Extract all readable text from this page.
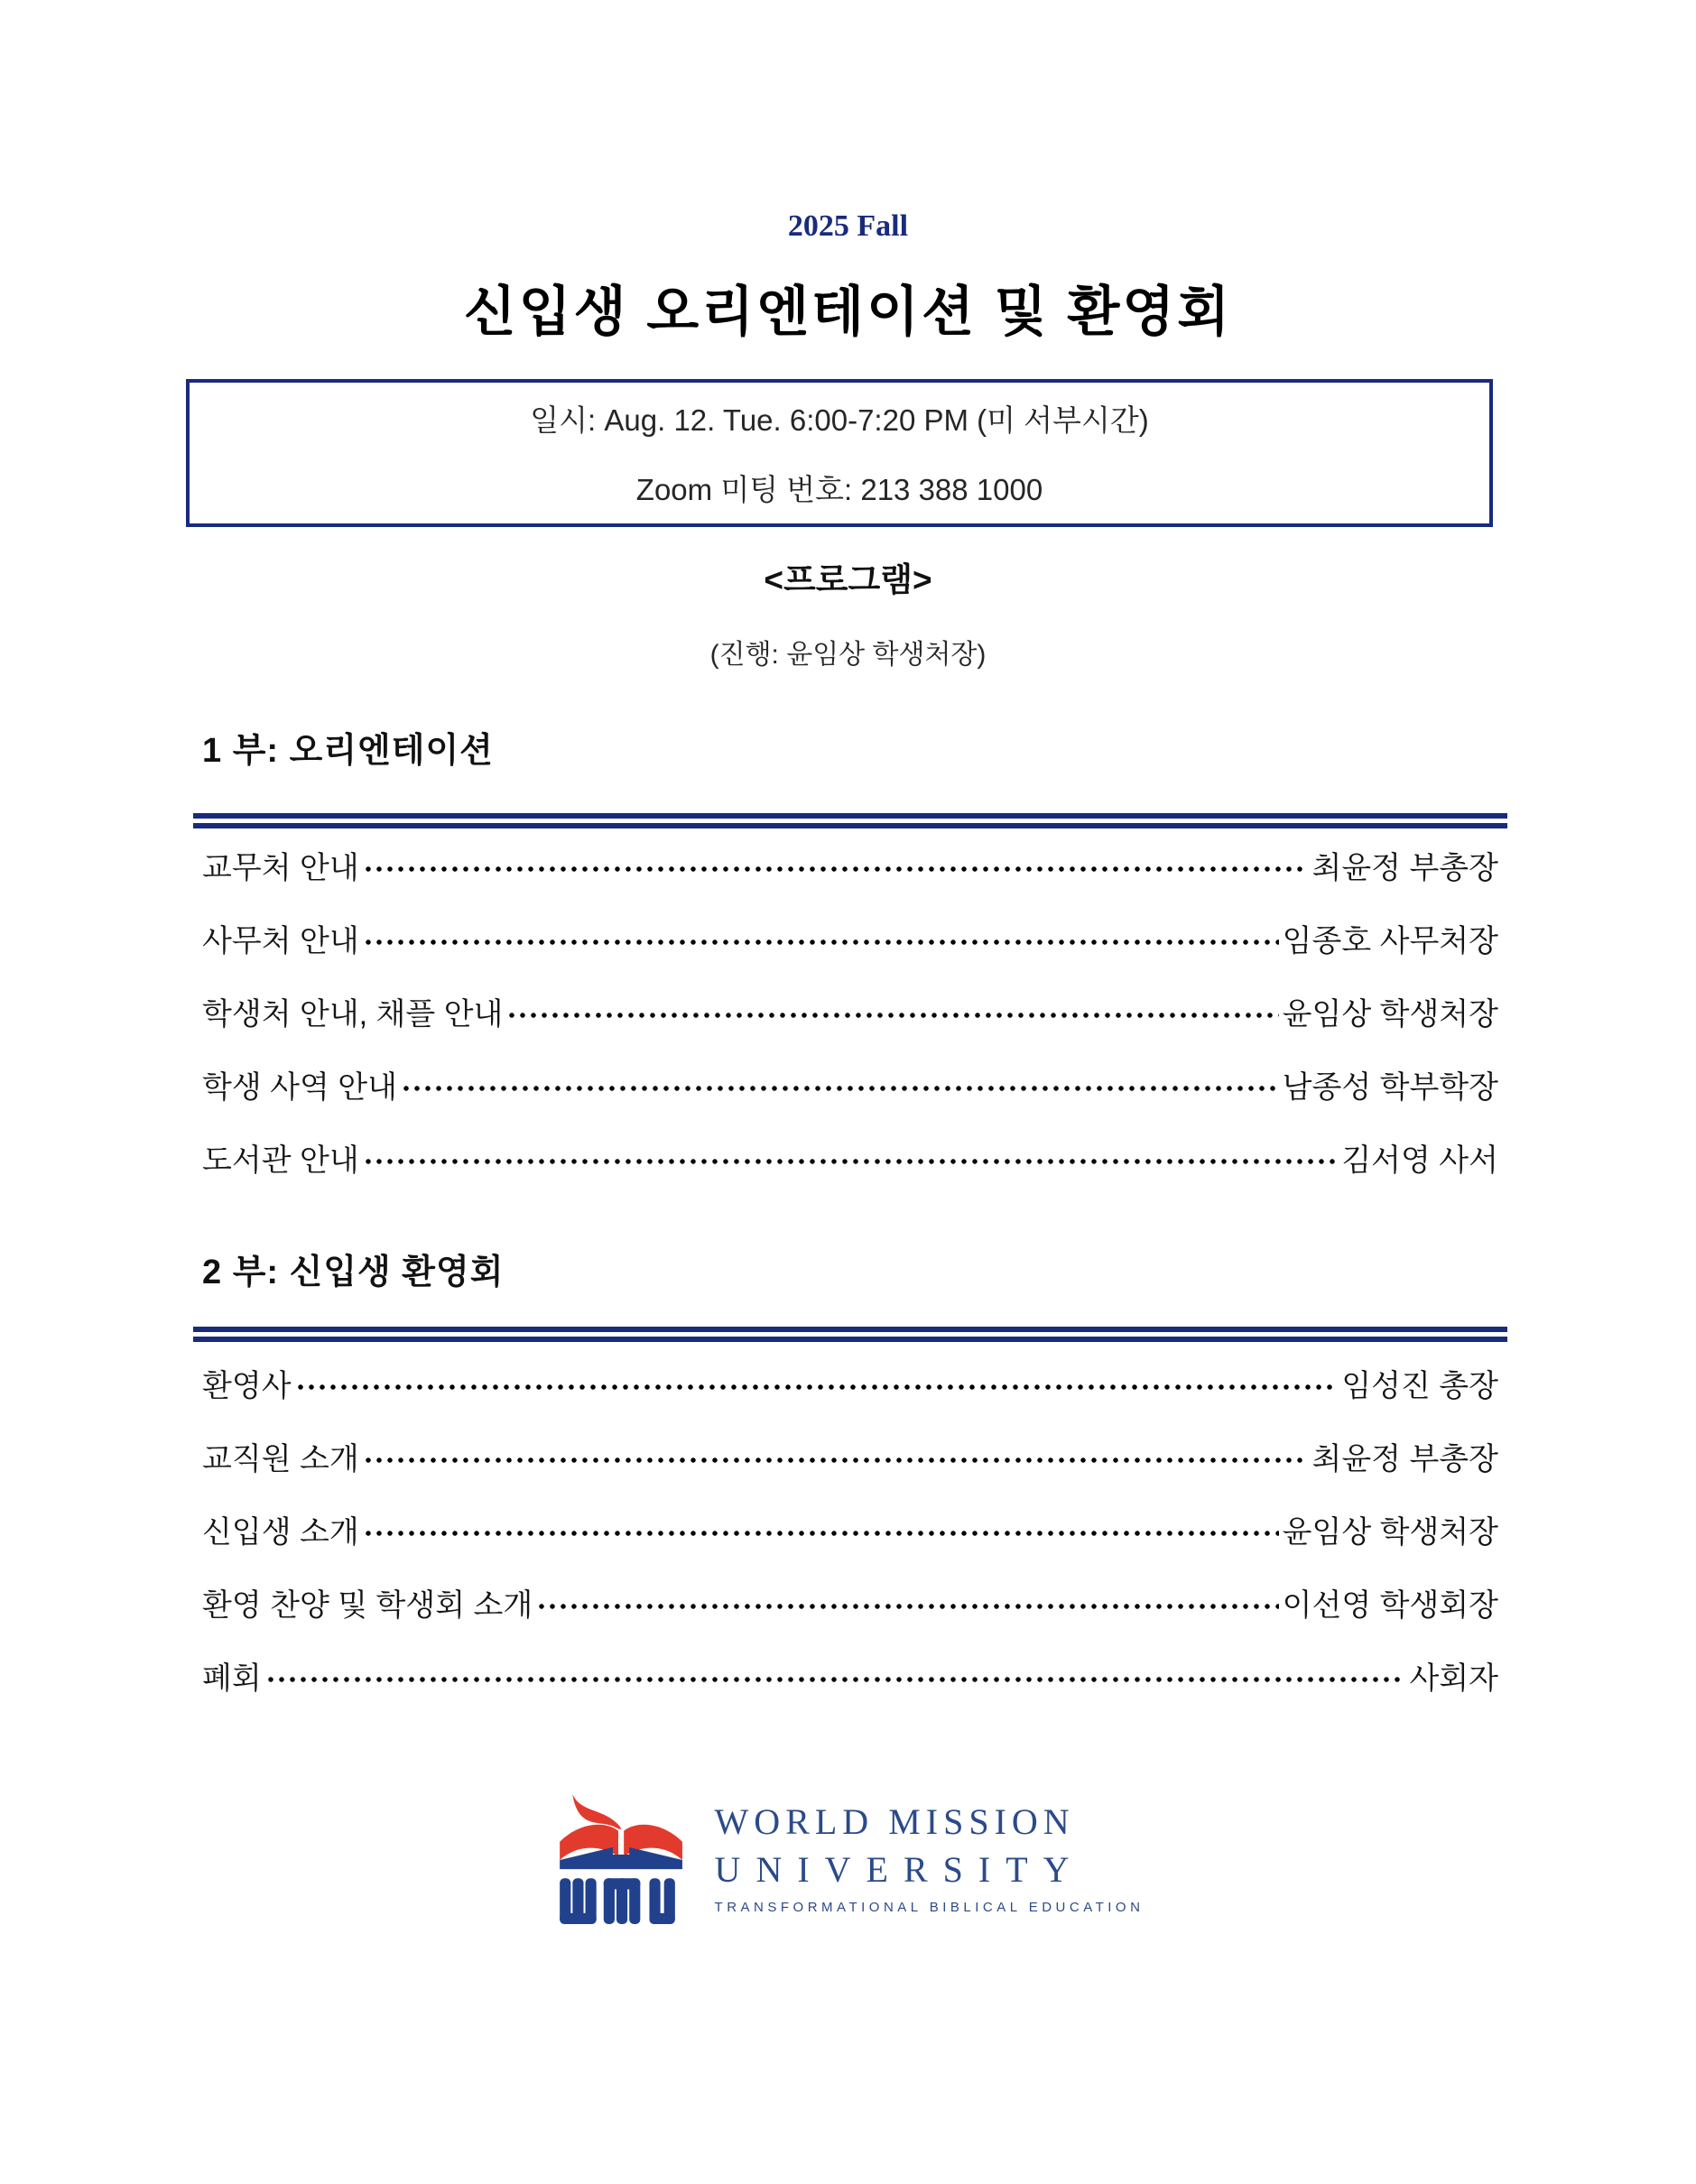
2025 Fall
신입생 오리엔테이션 및 환영회
일시: Aug. 12. Tue. 6:00-7:20 PM (미 서부시간)
Zoom 미팅 번호: 213 388 1000
<프로그램>
(진행: 윤임상 학생처장)
1 부: 오리엔테이션
교무처 안내	최윤정 부총장
사무처 안내	임종호 사무처장
학생처 안내, 채플 안내	윤임상 학생처장
학생 사역 안내	남종성 학부학장
도서관 안내	김서영 사서
2 부: 신입생 환영회
환영사	임성진 총장
교직원 소개	최윤정 부총장
신입생 소개	윤임상 학생처장
환영 찬양 및 학생회 소개	이선영 학생회장
폐회	사회자
WORLD MISSION
UNIVERSITY
TRANSFORMATIONAL BIBLICAL EDUCATION
